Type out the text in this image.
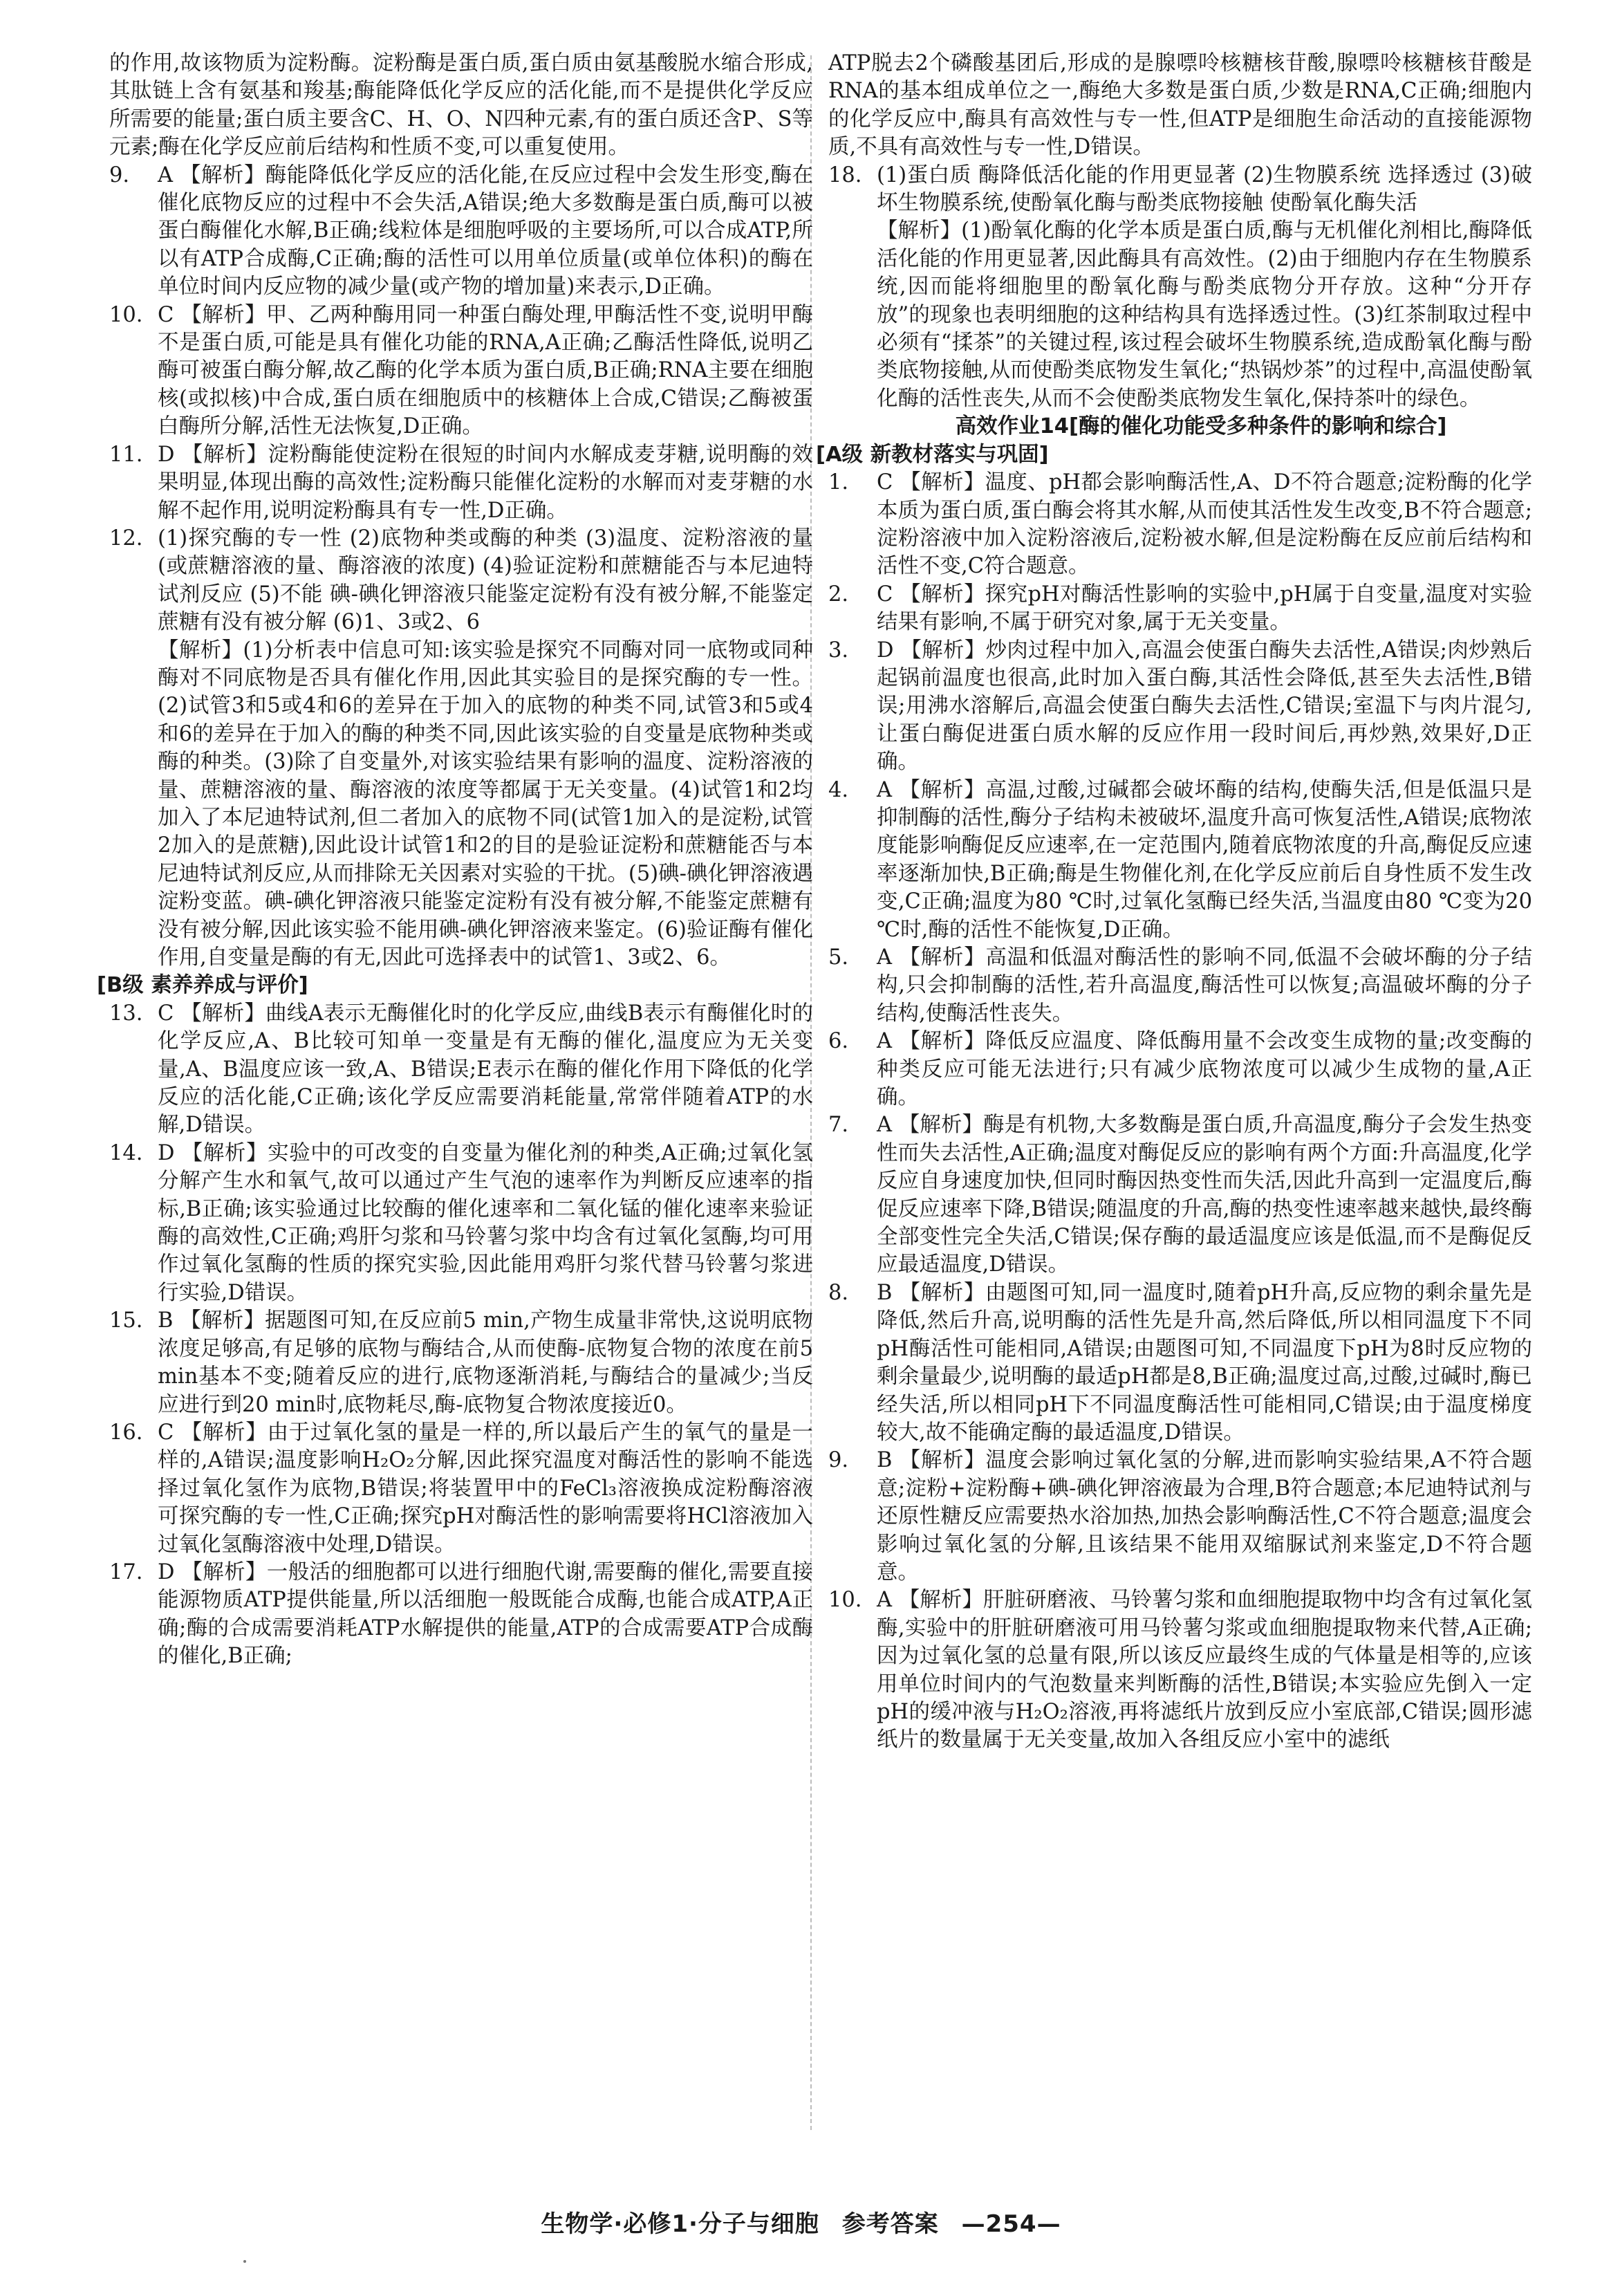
的作用,故该物质为淀粉酶。淀粉酶是蛋白质,蛋白质由氨基酸脱水缩合形成,其肽链上含有氨基和羧基;酶能降低化学反应的活化能,而不是提供化学反应所需要的能量;蛋白质主要含C、H、O、N四种元素,有的蛋白质还含P、S等元素;酶在化学反应前后结构和性质不变,可以重复使用。
9. A 【解析】酶能降低化学反应的活化能,在反应过程中会发生形变,酶在催化底物反应的过程中不会失活,A错误;绝大多数酶是蛋白质,酶可以被蛋白酶催化水解,B正确;线粒体是细胞呼吸的主要场所,可以合成ATP,所以有ATP合成酶,C正确;酶的活性可以用单位质量(或单位体积)的酶在单位时间内反应物的减少量(或产物的增加量)来表示,D正确。
10. C 【解析】甲、乙两种酶用同一种蛋白酶处理,甲酶活性不变,说明甲酶不是蛋白质,可能是具有催化功能的RNA,A正确;乙酶活性降低,说明乙酶可被蛋白酶分解,故乙酶的化学本质为蛋白质,B正确;RNA主要在细胞核(或拟核)中合成,蛋白质在细胞质中的核糖体上合成,C错误;乙酶被蛋白酶所分解,活性无法恢复,D正确。
11. D 【解析】淀粉酶能使淀粉在很短的时间内水解成麦芽糖,说明酶的效果明显,体现出酶的高效性;淀粉酶只能催化淀粉的水解而对麦芽糖的水解不起作用,说明淀粉酶具有专一性,D正确。
12. (1)探究酶的专一性 (2)底物种类或酶的种类 (3)温度、淀粉溶液的量(或蔗糖溶液的量、酶溶液的浓度) (4)验证淀粉和蔗糖能否与本尼迪特试剂反应 (5)不能 碘-碘化钾溶液只能鉴定淀粉有没有被分解,不能鉴定蔗糖有没有被分解 (6)1、3或2、6
【解析】(1)分析表中信息可知:该实验是探究不同酶对同一底物或同种酶对不同底物是否具有催化作用,因此其实验目的是探究酶的专一性。(2)试管3和5或4和6的差异在于加入的底物的种类不同,试管3和5或4和6的差异在于加入的酶的种类不同,因此该实验的自变量是底物种类或酶的种类。(3)除了自变量外,对该实验结果有影响的温度、淀粉溶液的量、蔗糖溶液的量、酶溶液的浓度等都属于无关变量。(4)试管1和2均加入了本尼迪特试剂,但二者加入的底物不同(试管1加入的是淀粉,试管2加入的是蔗糖),因此设计试管1和2的目的是验证淀粉和蔗糖能否与本尼迪特试剂反应,从而排除无关因素对实验的干扰。(5)碘-碘化钾溶液遇淀粉变蓝。碘-碘化钾溶液只能鉴定淀粉有没有被分解,不能鉴定蔗糖有没有被分解,因此该实验不能用碘-碘化钾溶液来鉴定。(6)验证酶有催化作用,自变量是酶的有无,因此可选择表中的试管1、3或2、6。
[B级 素养养成与评价]
13. C 【解析】曲线A表示无酶催化时的化学反应,曲线B表示有酶催化时的化学反应,A、B比较可知单一变量是有无酶的催化,温度应为无关变量,A、B温度应该一致,A、B错误;E表示在酶的催化作用下降低的化学反应的活化能,C正确;该化学反应需要消耗能量,常常伴随着ATP的水解,D错误。
14. D 【解析】实验中的可改变的自变量为催化剂的种类,A正确;过氧化氢分解产生水和氧气,故可以通过产生气泡的速率作为判断反应速率的指标,B正确;该实验通过比较酶的催化速率和二氧化锰的催化速率来验证酶的高效性,C正确;鸡肝匀浆和马铃薯匀浆中均含有过氧化氢酶,均可用作过氧化氢酶的性质的探究实验,因此能用鸡肝匀浆代替马铃薯匀浆进行实验,D错误。
15. B 【解析】据题图可知,在反应前5 min,产物生成量非常快,这说明底物浓度足够高,有足够的底物与酶结合,从而使酶-底物复合物的浓度在前5 min基本不变;随着反应的进行,底物逐渐消耗,与酶结合的量减少;当反应进行到20 min时,底物耗尽,酶-底物复合物浓度接近0。
16. C 【解析】由于过氧化氢的量是一样的,所以最后产生的氧气的量是一样的,A错误;温度影响H₂O₂分解,因此探究温度对酶活性的影响不能选择过氧化氢作为底物,B错误;将装置甲中的FeCl₃溶液换成淀粉酶溶液可探究酶的专一性,C正确;探究pH对酶活性的影响需要将HCl溶液加入过氧化氢酶溶液中处理,D错误。
17. D 【解析】一般活的细胞都可以进行细胞代谢,需要酶的催化,需要直接能源物质ATP提供能量,所以活细胞一般既能合成酶,也能合成ATP,A正确;酶的合成需要消耗ATP水解提供的能量,ATP的合成需要ATP合成酶的催化,B正确;
ATP脱去2个磷酸基团后,形成的是腺嘌呤核糖核苷酸,腺嘌呤核糖核苷酸是RNA的基本组成单位之一,酶绝大多数是蛋白质,少数是RNA,C正确;细胞内的化学反应中,酶具有高效性与专一性,但ATP是细胞生命活动的直接能源物质,不具有高效性与专一性,D错误。
18. (1)蛋白质 酶降低活化能的作用更显著 (2)生物膜系统 选择透过 (3)破坏生物膜系统,使酚氧化酶与酚类底物接触 使酚氧化酶失活
【解析】(1)酚氧化酶的化学本质是蛋白质,酶与无机催化剂相比,酶降低活化能的作用更显著,因此酶具有高效性。(2)由于细胞内存在生物膜系统,因而能将细胞里的酚氧化酶与酚类底物分开存放。这种“分开存放”的现象也表明细胞的这种结构具有选择透过性。(3)红茶制取过程中必须有“揉茶”的关键过程,该过程会破坏生物膜系统,造成酚氧化酶与酚类底物接触,从而使酚类底物发生氧化;“热锅炒茶”的过程中,高温使酚氧化酶的活性丧失,从而不会使酚类底物发生氧化,保持茶叶的绿色。
高效作业14[酶的催化功能受多种条件的影响和综合]
[A级 新教材落实与巩固]
1. C 【解析】温度、pH都会影响酶活性,A、D不符合题意;淀粉酶的化学本质为蛋白质,蛋白酶会将其水解,从而使其活性发生改变,B不符合题意;淀粉溶液中加入淀粉溶液后,淀粉被水解,但是淀粉酶在反应前后结构和活性不变,C符合题意。
2. C 【解析】探究pH对酶活性影响的实验中,pH属于自变量,温度对实验结果有影响,不属于研究对象,属于无关变量。
3. D 【解析】炒肉过程中加入,高温会使蛋白酶失去活性,A错误;肉炒熟后起锅前温度也很高,此时加入蛋白酶,其活性会降低,甚至失去活性,B错误;用沸水溶解后,高温会使蛋白酶失去活性,C错误;室温下与肉片混匀,让蛋白酶促进蛋白质水解的反应作用一段时间后,再炒熟,效果好,D正确。
4. A 【解析】高温,过酸,过碱都会破坏酶的结构,使酶失活,但是低温只是抑制酶的活性,酶分子结构未被破坏,温度升高可恢复活性,A错误;底物浓度能影响酶促反应速率,在一定范围内,随着底物浓度的升高,酶促反应速率逐渐加快,B正确;酶是生物催化剂,在化学反应前后自身性质不发生改变,C正确;温度为80 ℃时,过氧化氢酶已经失活,当温度由80 ℃变为20 ℃时,酶的活性不能恢复,D正确。
5. A 【解析】高温和低温对酶活性的影响不同,低温不会破坏酶的分子结构,只会抑制酶的活性,若升高温度,酶活性可以恢复;高温破坏酶的分子结构,使酶活性丧失。
6. A 【解析】降低反应温度、降低酶用量不会改变生成物的量;改变酶的种类反应可能无法进行;只有减少底物浓度可以减少生成物的量,A正确。
7. A 【解析】酶是有机物,大多数酶是蛋白质,升高温度,酶分子会发生热变性而失去活性,A正确;温度对酶促反应的影响有两个方面:升高温度,化学反应自身速度加快,但同时酶因热变性而失活,因此升高到一定温度后,酶促反应速率下降,B错误;随温度的升高,酶的热变性速率越来越快,最终酶全部变性完全失活,C错误;保存酶的最适温度应该是低温,而不是酶促反应最适温度,D错误。
8. B 【解析】由题图可知,同一温度时,随着pH升高,反应物的剩余量先是降低,然后升高,说明酶的活性先是升高,然后降低,所以相同温度下不同pH酶活性可能相同,A错误;由题图可知,不同温度下pH为8时反应物的剩余量最少,说明酶的最适pH都是8,B正确;温度过高,过酸,过碱时,酶已经失活,所以相同pH下不同温度酶活性可能相同,C错误;由于温度梯度较大,故不能确定酶的最适温度,D错误。
9. B 【解析】温度会影响过氧化氢的分解,进而影响实验结果,A不符合题意;淀粉+淀粉酶+碘-碘化钾溶液最为合理,B符合题意;本尼迪特试剂与还原性糖反应需要热水浴加热,加热会影响酶活性,C不符合题意;温度会影响过氧化氢的分解,且该结果不能用双缩脲试剂来鉴定,D不符合题意。
10. A 【解析】肝脏研磨液、马铃薯匀浆和血细胞提取物中均含有过氧化氢酶,实验中的肝脏研磨液可用马铃薯匀浆或血细胞提取物来代替,A正确;因为过氧化氢的总量有限,所以该反应最终生成的气体量是相等的,应该用单位时间内的气泡数量来判断酶的活性,B错误;本实验应先倒入一定pH的缓冲液与H₂O₂溶液,再将滤纸片放到反应小室底部,C错误;圆形滤纸片的数量属于无关变量,故加入各组反应小室中的滤纸
生物学·必修1·分子与细胞 参考答案 —254—
